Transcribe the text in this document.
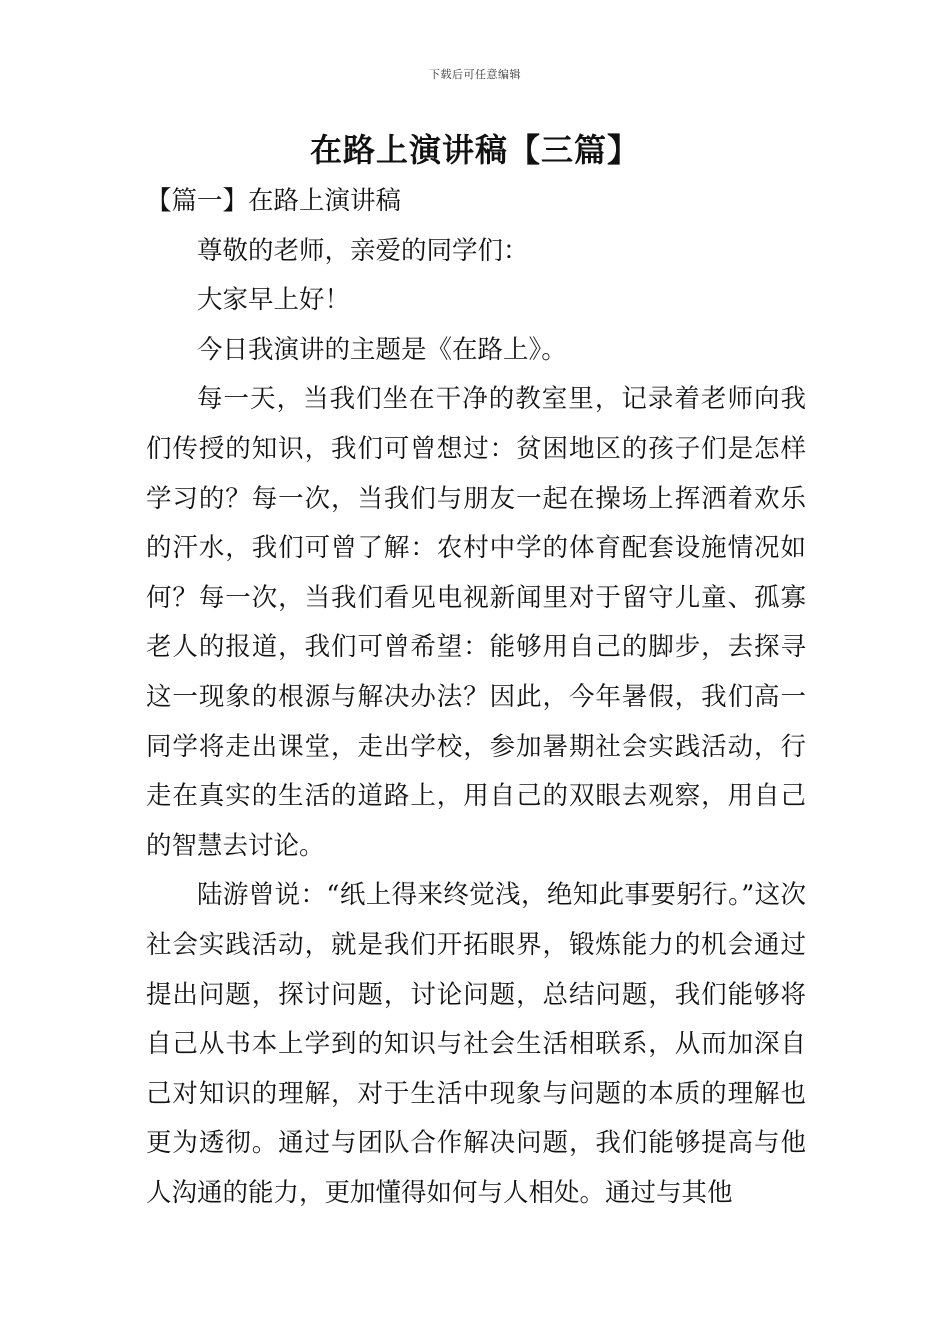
下载后可任意编辑
在路上演讲稿【三篇】

【篇一】在路上演讲稿

尊敬的老师，亲爱的同学们：

大家早上好！

今日我演讲的主题是《在路上》。

每一天，当我们坐在干净的教室里，记录着老师向我们传授的知识，我们可曾想过：贫困地区的孩子们是怎样学习的？每一次，当我们与朋友一起在操场上挥洒着欢乐的汗水，我们可曾了解：农村中学的体育配套设施情况如何？每一次，当我们看见电视新闻里对于留守儿童、孤寡老人的报道，我们可曾希望：能够用自己的脚步，去探寻这一现象的根源与解决办法？因此，今年暑假，我们高一同学将走出课堂，走出学校，参加暑期社会实践活动，行走在真实的生活的道路上，用自己的双眼去观察，用自己的智慧去讨论。

陆游曾说：“纸上得来终觉浅，绝知此事要躬行。”这次社会实践活动，就是我们开拓眼界，锻炼能力的机会通过提出问题，探讨问题，讨论问题，总结问题，我们能够将自己从书本上学到的知识与社会生活相联系，从而加深自己对知识的理解，对于生活中现象与问题的本质的理解也更为透彻。通过与团队合作解决问题，我们能够提高与他人沟通的能力，更加懂得如何与人相处。通过与其他
